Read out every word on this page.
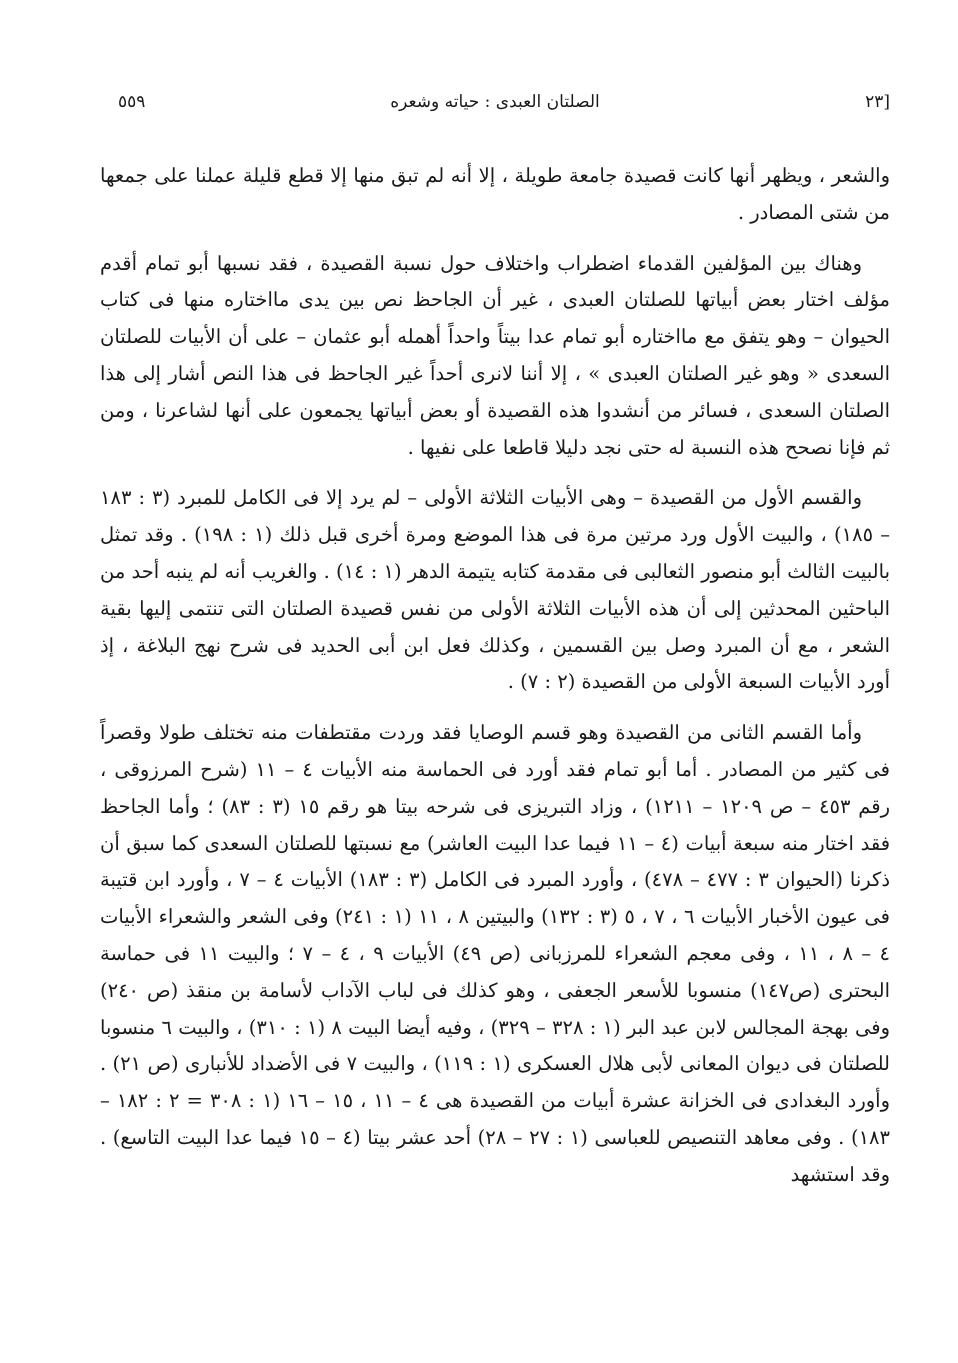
[٢٣
الصلتان العبدى : حياته وشعره
٥٥٩

والشعر ، ويظهر أنها كانت قصيدة جامعة طويلة ، إلا أنه لم تبق منها إلا قطع قليلة عملنا على جمعها من شتى المصادر .

وهناك بين المؤلفين القدماء اضطراب واختلاف حول نسبة القصيدة ، فقد نسبها أبو تمام أقدم مؤلف اختار بعض أبياتها للصلتان العبدى ، غير أن الجاحظ نص بين يدى مااختاره منها فى كتاب الحيوان – وهو يتفق مع مااختاره أبو تمام عدا بيتاً واحداً أهمله أبو عثمان – على أن الأبيات للصلتان السعدى « وهو غير الصلتان العبدى » ، إلا أننا لانرى أحداً غير الجاحظ فى هذا النص أشار إلى هذا الصلتان السعدى ، فسائر من أنشدوا هذه القصيدة أو بعض أبياتها يجمعون على أنها لشاعرنا ، ومن ثم فإنا نصحح هذه النسبة له حتى نجد دليلا قاطعا على نفيها .

والقسم الأول من القصيدة – وهى الأبيات الثلاثة الأولى – لم يرد إلا فى الكامل للمبرد (٣ : ١٨٣ – ١٨٥) ، والبيت الأول ورد مرتين مرة فى هذا الموضع ومرة أخرى قبل ذلك (١ : ١٩٨) . وقد تمثل بالبيت الثالث أبو منصور الثعالبى فى مقدمة كتابه يتيمة الدهر (١ : ١٤) . والغريب أنه لم ينبه أحد من الباحثين المحدثين إلى أن هذه الأبيات الثلاثة الأولى من نفس قصيدة الصلتان التى تنتمى إليها بقية الشعر ، مع أن المبرد وصل بين القسمين ، وكذلك فعل ابن أبى الحديد فى شرح نهج البلاغة ، إذ أورد الأبيات السبعة الأولى من القصيدة (٢ : ٧) .

وأما القسم الثانى من القصيدة وهو قسم الوصايا فقد وردت مقتطفات منه تختلف طولا وقصراً فى كثير من المصادر . أما أبو تمام فقد أورد فى الحماسة منه الأبيات ٤ – ١١ (شرح المرزوقى ، رقم ٤٥٣ – ص ١٢٠٩ – ١٢١١) ، وزاد التبريزى فى شرحه بيتا هو رقم ١٥ (٣ : ٨٣) ؛ وأما الجاحظ فقد اختار منه سبعة أبيات (٤ – ١١ فيما عدا البيت العاشر) مع نسبتها للصلتان السعدى كما سبق أن ذكرنا (الحيوان ٣ : ٤٧٧ – ٤٧٨) ، وأورد المبرد فى الكامل (٣ : ١٨٣) الأبيات ٤ – ٧ ، وأورد ابن قتيبة فى عيون الأخبار الأبيات ٦ ، ٧ ، ٥ (٣ : ١٣٢) والبيتين ٨ ، ١١ (١ : ٢٤١) وفى الشعر والشعراء الأبيات ٤ – ٨ ، ١١ ، وفى معجم الشعراء للمرزبانى (ص ٤٩) الأبيات ٩ ، ٤ – ٧ ؛ والبيت ١١ فى حماسة البحترى (ص١٤٧) منسوبا للأسعر الجعفى ، وهو كذلك فى لباب الآداب لأسامة بن منقذ (ص ٢٤٠) وفى بهجة المجالس لابن عبد البر (١ : ٣٢٨ – ٣٢٩) ، وفيه أيضا البيت ٨ (١ : ٣١٠) ، والبيت ٦ منسوبا للصلتان فى ديوان المعانى لأبى هلال العسكرى (١ : ١١٩) ، والبيت ٧ فى الأضداد للأنبارى (ص ٢١) . وأورد البغدادى فى الخزانة عشرة أبيات من القصيدة هى ٤ – ١١ ، ١٥ – ١٦ (١ : ٣٠٨ = ٢ : ١٨٢ – ١٨٣) . وفى معاهد التنصيص للعباسى (١ : ٢٧ – ٢٨) أحد عشر بيتا (٤ – ١٥ فيما عدا البيت التاسع) . وقد استشهد
